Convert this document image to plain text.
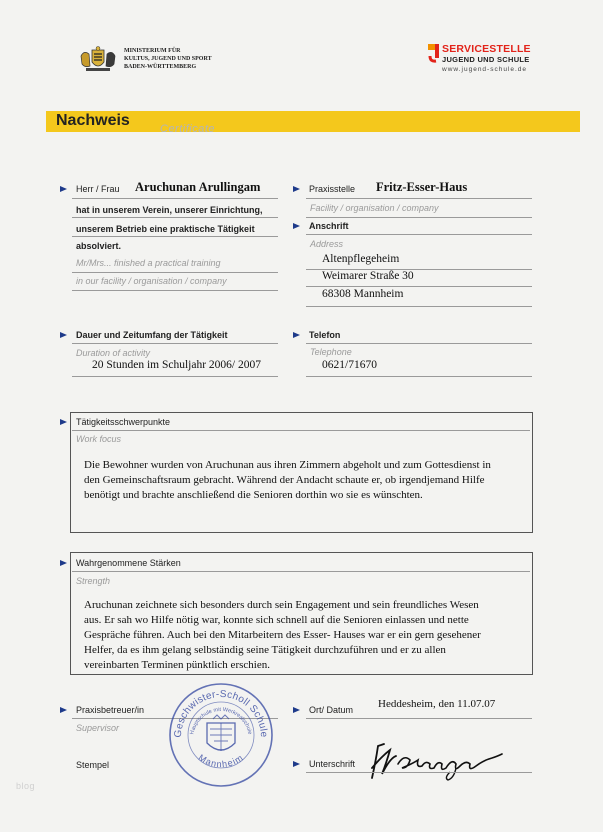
MINISTERIUM FÜR
KULTUS, JUGEND UND SPORT
BADEN-WÜRTTEMBERG
SERVICESTELLE
JUGEND UND SCHULE
www.jugend-schule.de
Nachweis	Certificate
Herr / Frau Aruchunan Arullingam
hat in unserem Verein, unserer Einrichtung,
unserem Betrieb eine praktische Tätigkeit
absolviert.
Mr/Mrs... finished a practical training
in our facility / organisation / company
Praxisstelle Fritz-Esser-Haus
Facility / organisation / company
Anschrift
Address
Altenpflegeheim
Weimarer Straße 30
68308 Mannheim
Dauer und Zeitumfang der Tätigkeit
Duration of activity
20 Stunden im Schuljahr 2006/ 2007
Telefon
Telephone
0621/71670
Tätigkeitsschwerpunkte
Work focus
Die Bewohner wurden von Aruchunan aus ihren Zimmern abgeholt und zum Gottesdienst in
den Gemeinschaftsraum gebracht. Während der Andacht schaute er, ob irgendjemand Hilfe
benötigt und brachte anschließend die Senioren dorthin wo sie es wünschten.
Wahrgenommene Stärken
Strength
Aruchunan zeichnete sich besonders durch sein Engagement und sein freundliches Wesen
aus. Er sah wo Hilfe nötig war, konnte sich schnell auf die Senioren einlassen und nette
Gespräche führen. Auch bei den Mitarbeitern des Esser- Hauses war er ein gern gesehener
Helfer, da es ihm gelang selbständig seine Tätigkeit durchzuführen und er zu allen
vereinbarten Terminen pünktlich erschien.
Praxisbetreuer/in
Supervisor
Stempel
Geschwister-Scholl Schule
Hauptschule mit Werkrealschule
Mannheim
Ort/ Datum Heddesheim, den 11.07.07
Unterschrift
blog
